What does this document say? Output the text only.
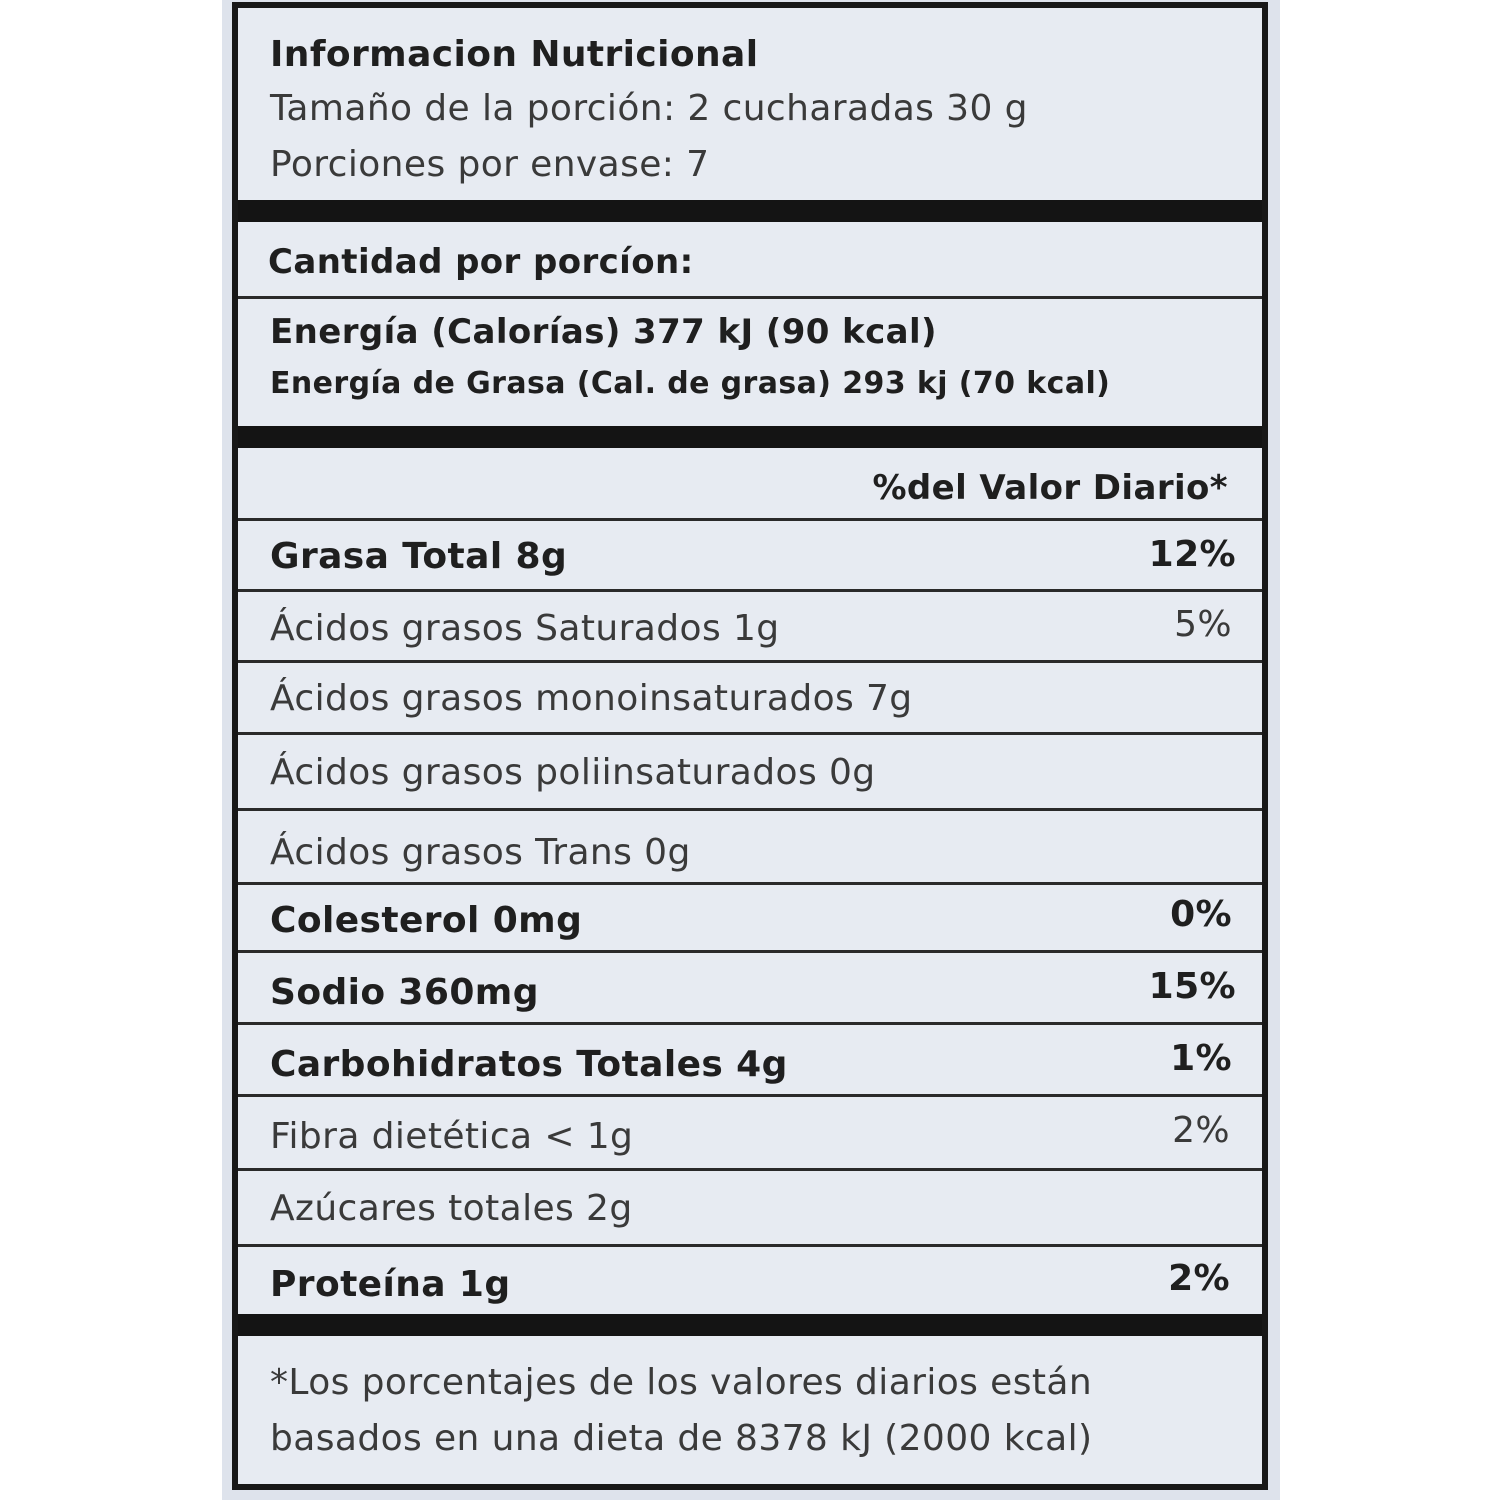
Informacion Nutricional
Tamaño de la porción: 2 cucharadas 30 g
Porciones por envase: 7
Cantidad por porcíon:
Energía (Calorías) 377 kJ (90 kcal)
Energía de Grasa (Cal. de grasa) 293 kj (70 kcal)
%del Valor Diario*
Grasa Total 8g	12%
Ácidos grasos Saturados 1g	5%
Ácidos grasos monoinsaturados 7g
Ácidos grasos poliinsaturados 0g
Ácidos grasos Trans 0g
Colesterol 0mg	0%
Sodio 360mg	15%
Carbohidratos Totales 4g	1%
Fibra dietética < 1g	2%
Azúcares totales 2g
Proteína 1g	2%
*Los porcentajes de los valores diarios están
basados en una dieta de 8378 kJ (2000 kcal)
